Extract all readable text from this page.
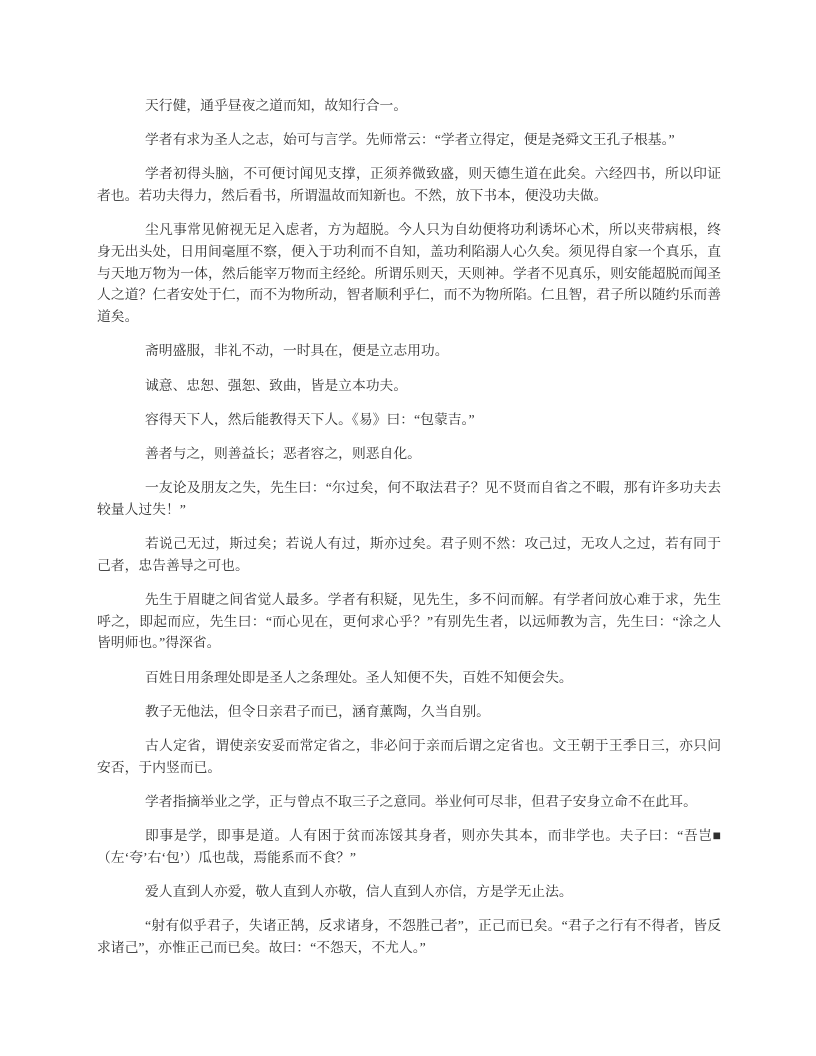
天行健，通乎昼夜之道而知，故知行合一。

学者有求为圣人之志，始可与言学。先师常云：“学者立得定，便是尧舜文王孔子根基。”

学者初得头脑，不可便讨闻见支撑，正须养微致盛，则天德生道在此矣。六经四书，所以印证者也。若功夫得力，然后看书，所谓温故而知新也。不然，放下书本，便没功夫做。

尘凡事常见俯视无足入虑者，方为超脱。今人只为自幼便将功利诱坏心术，所以夹带病根，终身无出头处，日用间毫厘不察，便入于功利而不自知，盖功利陷溺人心久矣。须见得自家一个真乐，直与天地万物为一体，然后能宰万物而主经纶。所谓乐则天，天则神。学者不见真乐，则安能超脱而闻圣人之道？仁者安处于仁，而不为物所动，智者顺利乎仁，而不为物所陷。仁且智，君子所以随约乐而善道矣。

斋明盛服，非礼不动，一时具在，便是立志用功。

诚意、忠恕、强恕、致曲，皆是立本功夫。

容得天下人，然后能教得天下人。《易》曰：“包蒙吉。”

善者与之，则善益长；恶者容之，则恶自化。

一友论及朋友之失，先生曰：“尔过矣，何不取法君子？见不贤而自省之不暇，那有许多功夫去较量人过失！”

若说己无过，斯过矣；若说人有过，斯亦过矣。君子则不然：攻己过，无攻人之过，若有同于己者，忠告善导之可也。

先生于眉睫之间省觉人最多。学者有积疑，见先生，多不问而解。有学者问放心难于求，先生呼之，即起而应，先生曰：“而心见在，更何求心乎？”有别先生者，以远师教为言，先生曰：“涂之人皆明师也。”得深省。

百姓日用条理处即是圣人之条理处。圣人知便不失，百姓不知便会失。

教子无他法，但令日亲君子而已，涵育薰陶，久当自别。

古人定省，谓使亲安妥而常定省之，非必问于亲而后谓之定省也。文王朝于王季日三，亦只问安否，于内竖而已。

学者指摘举业之学，正与曾点不取三子之意同。举业何可尽非，但君子安身立命不在此耳。

即事是学，即事是道。人有困于贫而冻馁其身者，则亦失其本，而非学也。夫子曰：“吾岂■（左‘夸’右‘包’）瓜也哉，焉能系而不食？”

爱人直到人亦爱，敬人直到人亦敬，信人直到人亦信，方是学无止法。

“射有似乎君子，失诸正鹄，反求诸身，不怨胜己者”，正己而已矣。“君子之行有不得者，皆反求诸己”，亦惟正己而已矣。故曰：“不怨天，不尤人。”
